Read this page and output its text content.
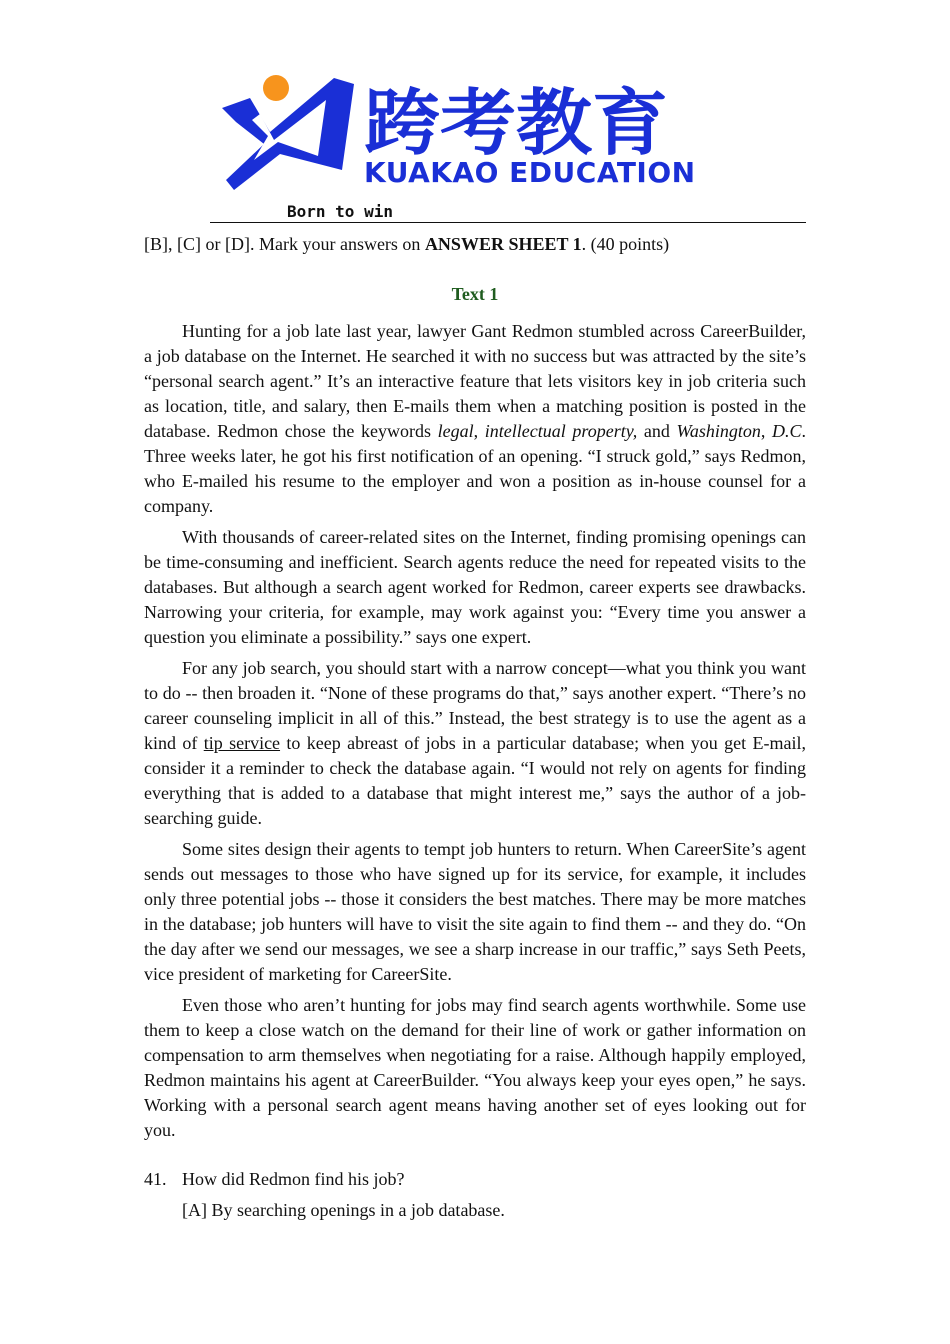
跨考教育
KUAKAO EDUCATION
Born to win

[B], [C] or [D]. Mark your answers on ANSWER SHEET 1. (40 points)

Text 1

Hunting for a job late last year, lawyer Gant Redmon stumbled across CareerBuilder, a job database on the Internet. He searched it with no success but was attracted by the site’s “personal search agent.” It’s an interactive feature that lets visitors key in job criteria such as location, title, and salary, then E-mails them when a matching position is posted in the database. Redmon chose the keywords legal, intellectual property, and Washington, D.C. Three weeks later, he got his first notification of an opening. “I struck gold,” says Redmon, who E-mailed his resume to the employer and won a position as in-house counsel for a company.

With thousands of career-related sites on the Internet, finding promising openings can be time-consuming and inefficient. Search agents reduce the need for repeated visits to the databases. But although a search agent worked for Redmon, career experts see drawbacks. Narrowing your criteria, for example, may work against you: “Every time you answer a question you eliminate a possibility.” says one expert.

For any job search, you should start with a narrow concept—what you think you want to do -- then broaden it. “None of these programs do that,” says another expert. “There’s no career counseling implicit in all of this.” Instead, the best strategy is to use the agent as a kind of tip service to keep abreast of jobs in a particular database; when you get E-mail, consider it a reminder to check the database again. “I would not rely on agents for finding everything that is added to a database that might interest me,” says the author of a job-searching guide.

Some sites design their agents to tempt job hunters to return. When CareerSite’s agent sends out messages to those who have signed up for its service, for example, it includes only three potential jobs -- those it considers the best matches. There may be more matches in the database; job hunters will have to visit the site again to find them -- and they do. “On the day after we send our messages, we see a sharp increase in our traffic,” says Seth Peets, vice president of marketing for CareerSite.

Even those who aren’t hunting for jobs may find search agents worthwhile. Some use them to keep a close watch on the demand for their line of work or gather information on compensation to arm themselves when negotiating for a raise. Although happily employed, Redmon maintains his agent at CareerBuilder. “You always keep your eyes open,” he says. Working with a personal search agent means having another set of eyes looking out for you.

41. How did Redmon find his job?
[A] By searching openings in a job database.
